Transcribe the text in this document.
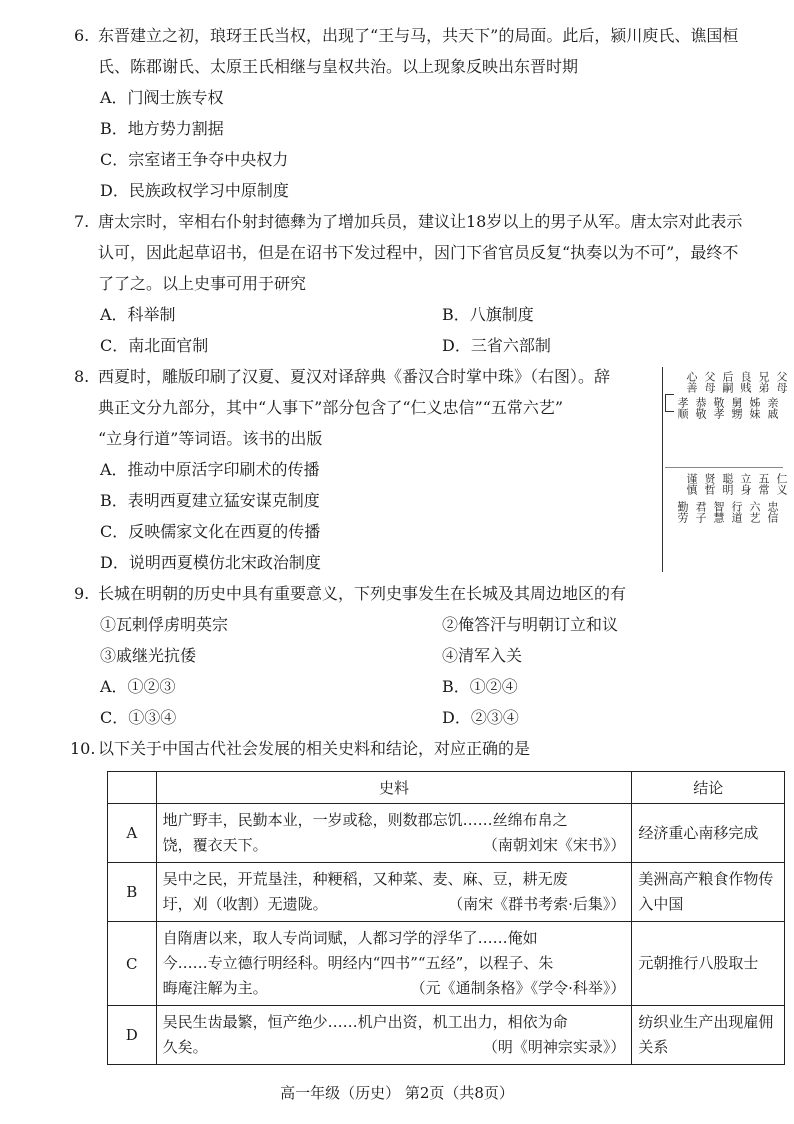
6. 东晋建立之初，琅玡王氏当权，出现了“王与马，共天下”的局面。此后，颍川庾氏、谯国桓
氏、陈郡谢氏、太原王氏相继与皇权共治。以上现象反映出东晋时期
A．门阀士族专权
B．地方势力割据
C．宗室诸王争夺中央权力
D．民族政权学习中原制度
7. 唐太宗时，宰相右仆射封德彝为了增加兵员，建议让18岁以上的男子从军。唐太宗对此表示
认可，因此起草诏书，但是在诏书下发过程中，因门下省官员反复“执奏以为不可”，最终不
了了之。以上史事可用于研究
A．科举制	B．八旗制度
C．南北面官制	D．三省六部制
8. 西夏时，雕版印刷了汉夏、夏汉对译辞典《番汉合时掌中珠》（右图）。辞
典正文分九部分，其中“人事下”部分包含了“仁义忠信”“五常六艺”
“立身行道”等词语。该书的出版
A．推动中原活字印刷术的传播
B．表明西夏建立猛安谋克制度
C．反映儒家文化在西夏的传播
D．说明西夏模仿北宋政治制度
父母
亲戚
兄弟
姊妹
良贱
舅甥
后嗣
敬孝
父母
恭敬
心善
孝顺
仁义
忠信
五常
六艺
立身
行道
聪明
智慧
贤哲
君子
谨慎
勤劳
9. 长城在明朝的历史中具有重要意义，下列史事发生在长城及其周边地区的有
①瓦剌俘虏明英宗	②俺答汗与明朝订立和议
③戚继光抗倭	④清军入关
A．①②③	B．①②④
C．①③④	D．②③④
10. 以下关于中国古代社会发展的相关史料和结论，对应正确的是
	史料	结论
A	地广野丰，民勤本业，一岁或稔，则数郡忘饥……丝绵布帛之
饶，覆衣天下。 （南朝刘宋《宋书》）	经济重心南移完成
B	吴中之民，开荒垦洼，种粳稻，又种菜、麦、麻、豆，耕无废
圩，刈（收割）无遗陇。 （南宋《群书考索·后集》）	美洲高产粮食作物传入中国
C	自隋唐以来，取人专尚词赋，人都习学的浮华了……俺如
今……专立德行明经科。明经内“四书”“五经”，以程子、朱
晦庵注解为主。 （元《通制条格》《学令·科举》）	元朝推行八股取士
D	吴民生齿最繁，恒产绝少……机户出资，机工出力，相依为命
久矣。 （明《明神宗实录》）	纺织业生产出现雇佣关系
高一年级（历史） 第2页（共8页）
